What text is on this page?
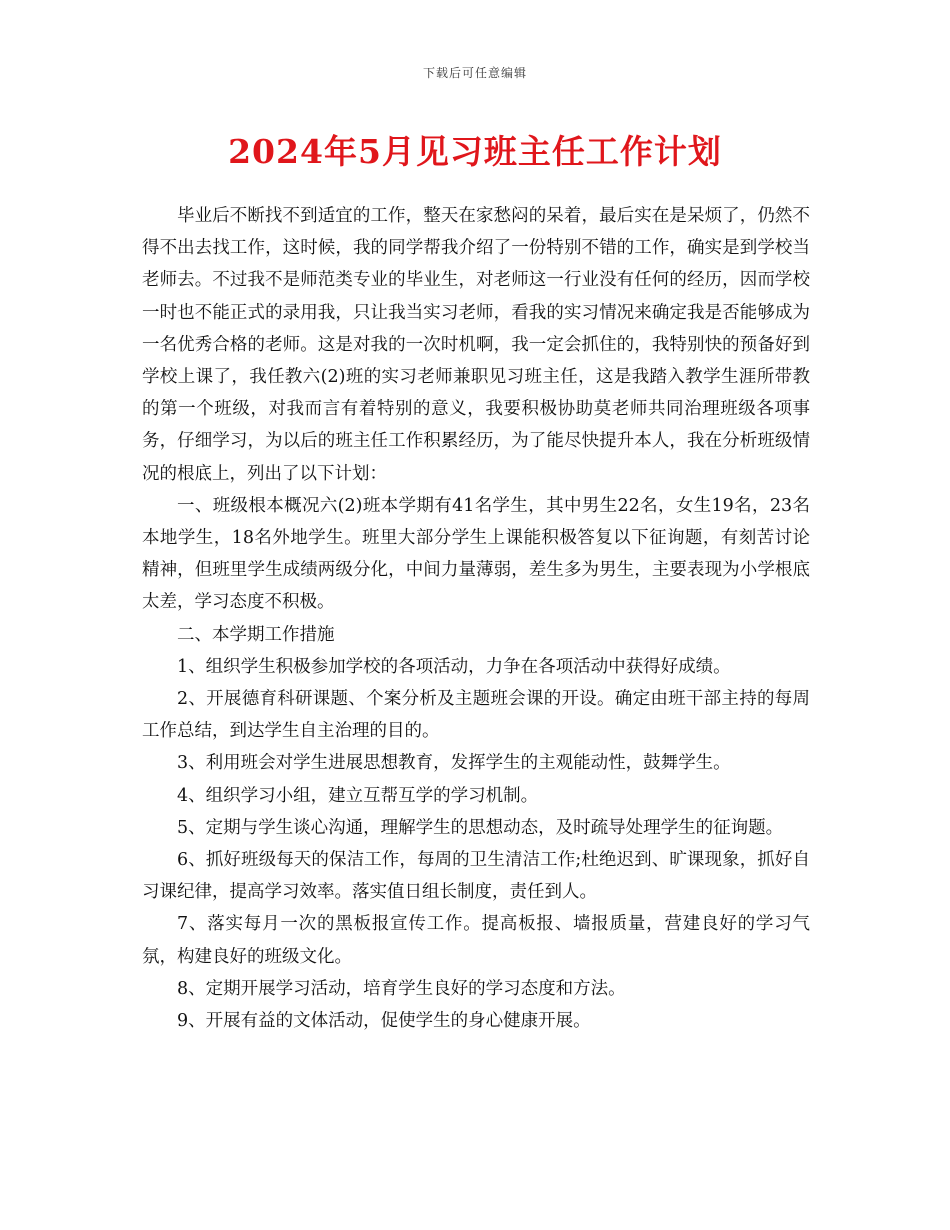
下载后可任意编辑
2024年5月见习班主任工作计划

毕业后不断找不到适宜的工作，整天在家愁闷的呆着，最后实在是呆烦了，仍然不得不出去找工作，这时候，我的同学帮我介绍了一份特别不错的工作，确实是到学校当老师去。不过我不是师范类专业的毕业生，对老师这一行业没有任何的经历，因而学校一时也不能正式的录用我，只让我当实习老师，看我的实习情况来确定我是否能够成为一名优秀合格的老师。这是对我的一次时机啊，我一定会抓住的，我特别快的预备好到学校上课了，我任教六(2)班的实习老师兼职见习班主任，这是我踏入教学生涯所带教的第一个班级，对我而言有着特别的意义，我要积极协助莫老师共同治理班级各项事务，仔细学习，为以后的班主任工作积累经历，为了能尽快提升本人，我在分析班级情况的根底上，列出了以下计划：

一、班级根本概况六(2)班本学期有41名学生，其中男生22名，女生19名，23名本地学生，18名外地学生。班里大部分学生上课能积极答复以下征询题，有刻苦讨论精神，但班里学生成绩两级分化，中间力量薄弱，差生多为男生，主要表现为小学根底太差，学习态度不积极。

二、本学期工作措施

1、组织学生积极参加学校的各项活动，力争在各项活动中获得好成绩。

2、开展德育科研课题、个案分析及主题班会课的开设。确定由班干部主持的每周工作总结，到达学生自主治理的目的。

3、利用班会对学生进展思想教育，发挥学生的主观能动性，鼓舞学生。

4、组织学习小组，建立互帮互学的学习机制。

5、定期与学生谈心沟通，理解学生的思想动态，及时疏导处理学生的征询题。

6、抓好班级每天的保洁工作，每周的卫生清洁工作;杜绝迟到、旷课现象，抓好自习课纪律，提高学习效率。落实值日组长制度，责任到人。

7、落实每月一次的黑板报宣传工作。提高板报、墙报质量，营建良好的学习气氛，构建良好的班级文化。

8、定期开展学习活动，培育学生良好的学习态度和方法。

9、开展有益的文体活动，促使学生的身心健康开展。
